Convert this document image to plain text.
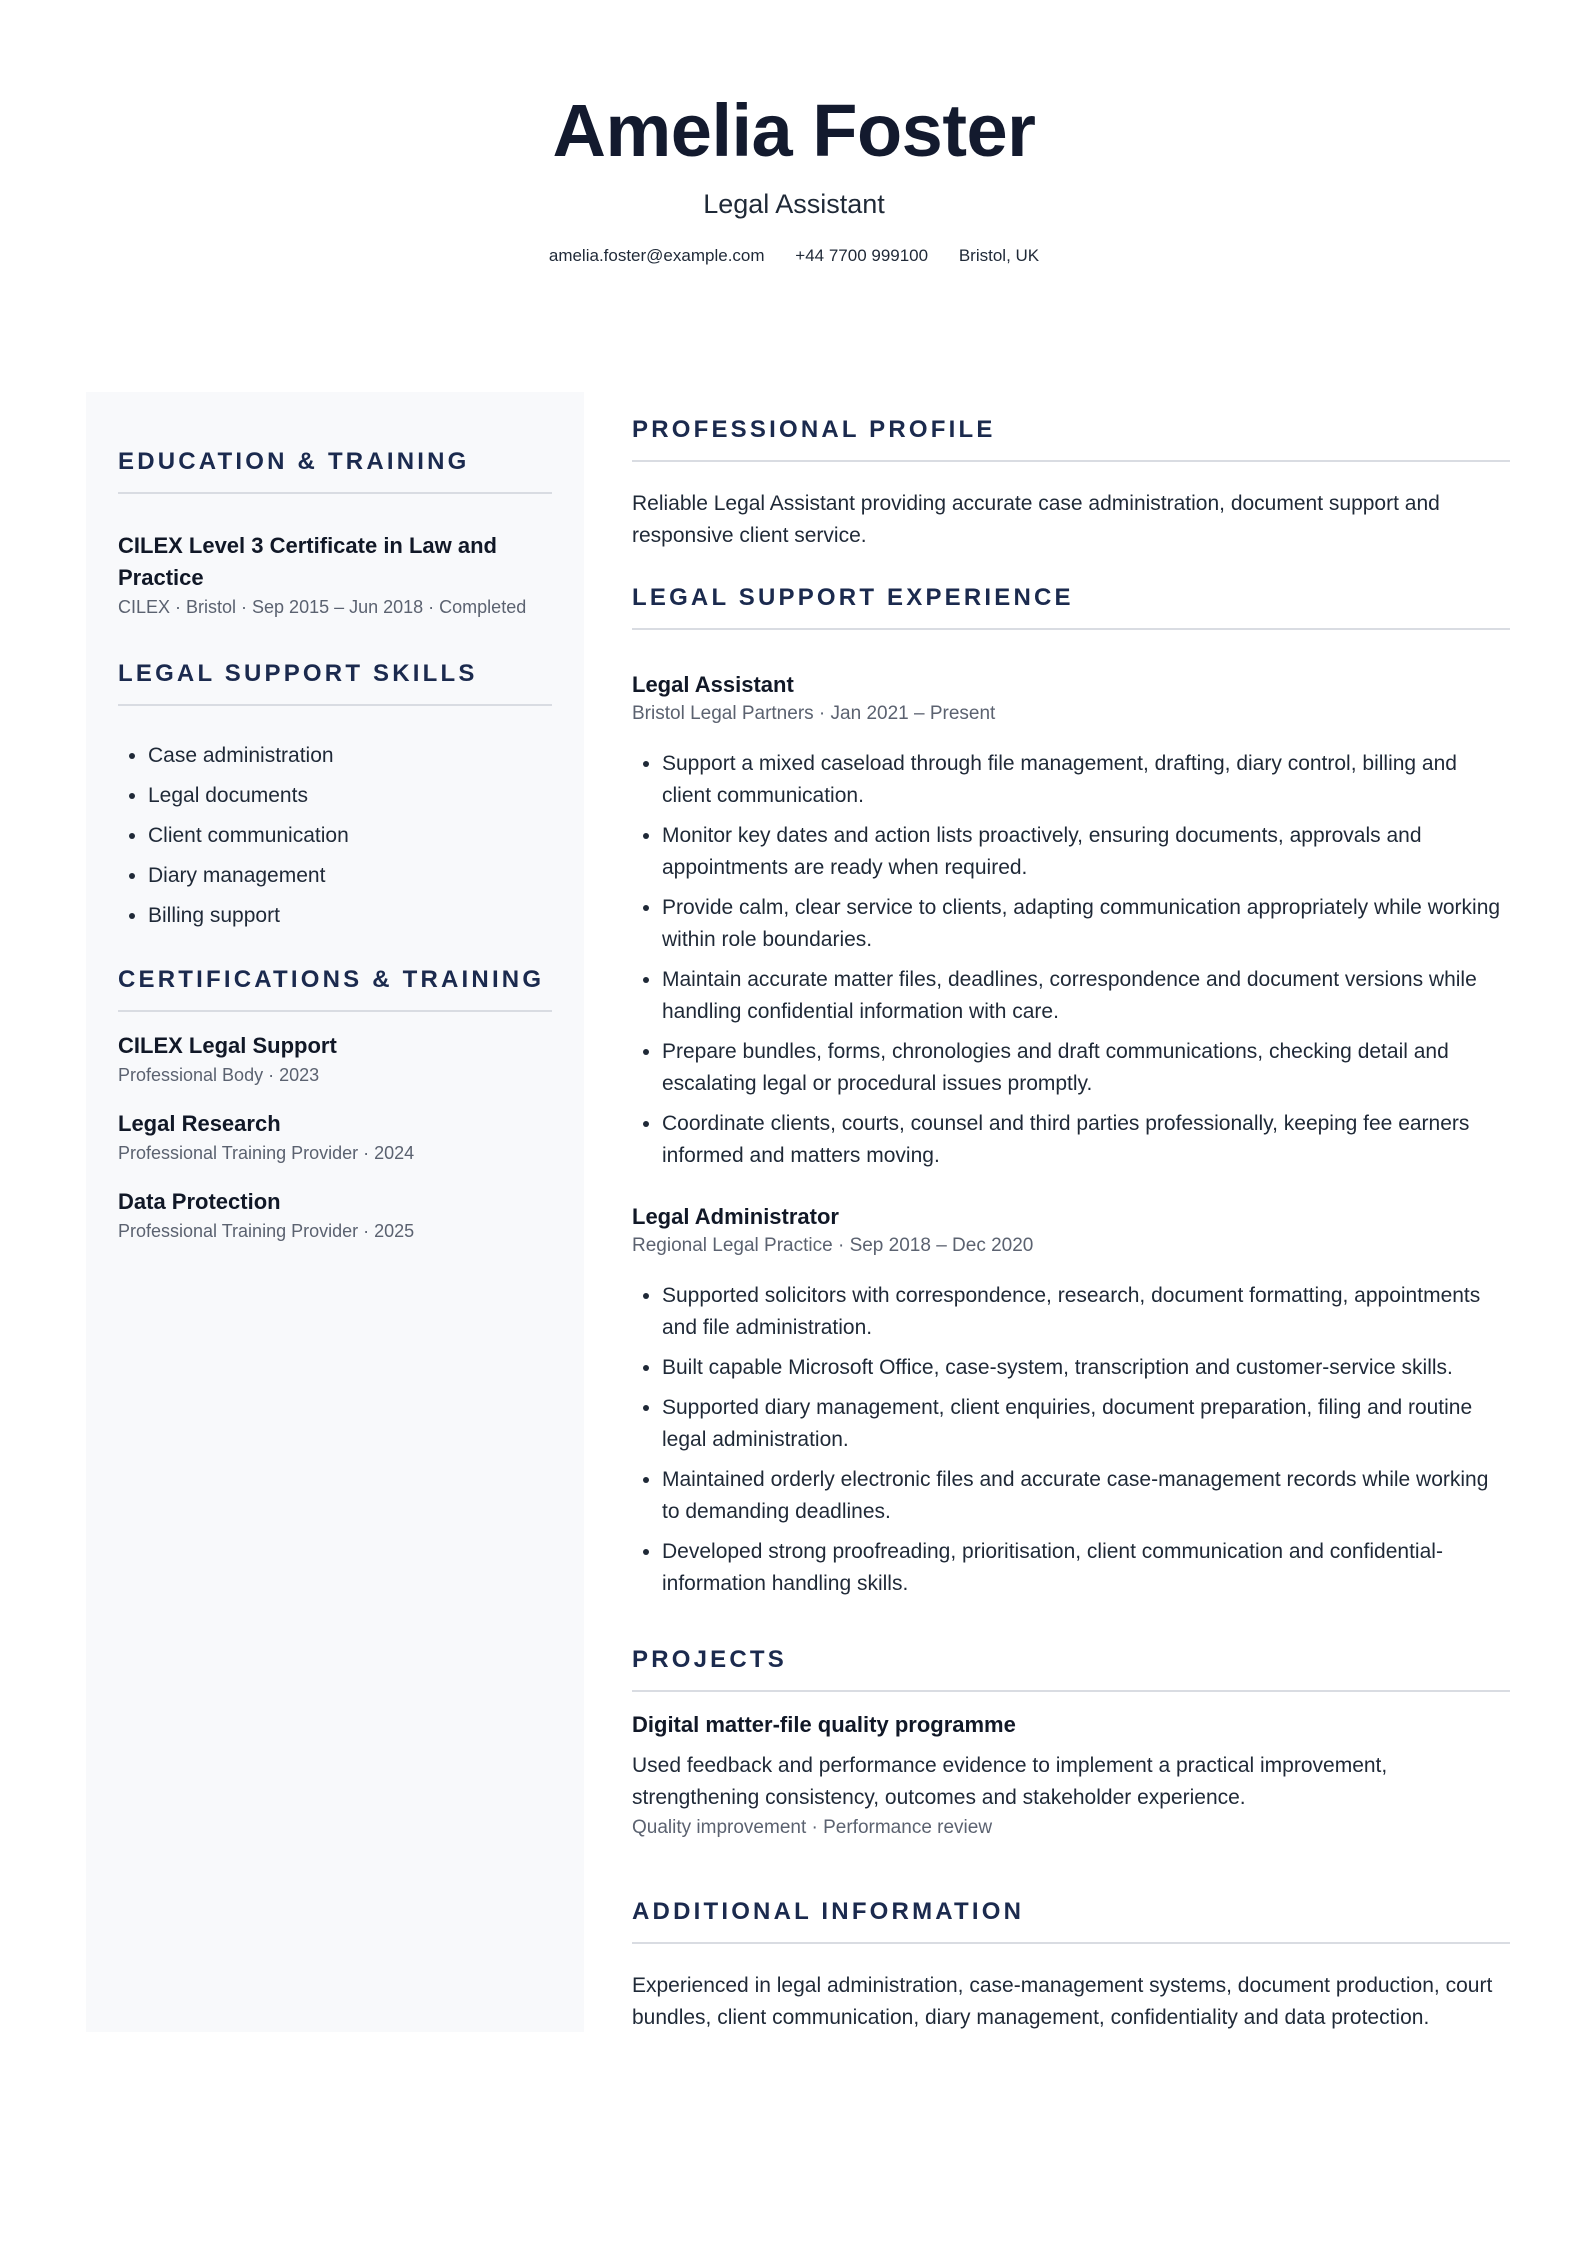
Amelia Foster
Legal Assistant
amelia.foster@example.com +44 7700 999100 Bristol, UK
EDUCATION & TRAINING
CILEX Level 3 Certificate in Law and Practice
CILEX · Bristol · Sep 2015 – Jun 2018 · Completed
LEGAL SUPPORT SKILLS
• Case administration
• Legal documents
• Client communication
• Diary management
• Billing support
CERTIFICATIONS & TRAINING
CILEX Legal Support
Professional Body · 2023
Legal Research
Professional Training Provider · 2024
Data Protection
Professional Training Provider · 2025
PROFESSIONAL PROFILE
Reliable Legal Assistant providing accurate case administration, document support and responsive client service.
LEGAL SUPPORT EXPERIENCE
Legal Assistant
Bristol Legal Partners · Jan 2021 – Present
• Support a mixed caseload through file management, drafting, diary control, billing and client communication.
• Monitor key dates and action lists proactively, ensuring documents, approvals and appointments are ready when required.
• Provide calm, clear service to clients, adapting communication appropriately while working within role boundaries.
• Maintain accurate matter files, deadlines, correspondence and document versions while handling confidential information with care.
• Prepare bundles, forms, chronologies and draft communications, checking detail and escalating legal or procedural issues promptly.
• Coordinate clients, courts, counsel and third parties professionally, keeping fee earners informed and matters moving.
Legal Administrator
Regional Legal Practice · Sep 2018 – Dec 2020
• Supported solicitors with correspondence, research, document formatting, appointments and file administration.
• Built capable Microsoft Office, case-system, transcription and customer-service skills.
• Supported diary management, client enquiries, document preparation, filing and routine legal administration.
• Maintained orderly electronic files and accurate case-management records while working to demanding deadlines.
• Developed strong proofreading, prioritisation, client communication and confidential-information handling skills.
PROJECTS
Digital matter-file quality programme
Used feedback and performance evidence to implement a practical improvement, strengthening consistency, outcomes and stakeholder experience.
Quality improvement · Performance review
ADDITIONAL INFORMATION
Experienced in legal administration, case-management systems, document production, court bundles, client communication, diary management, confidentiality and data protection.
